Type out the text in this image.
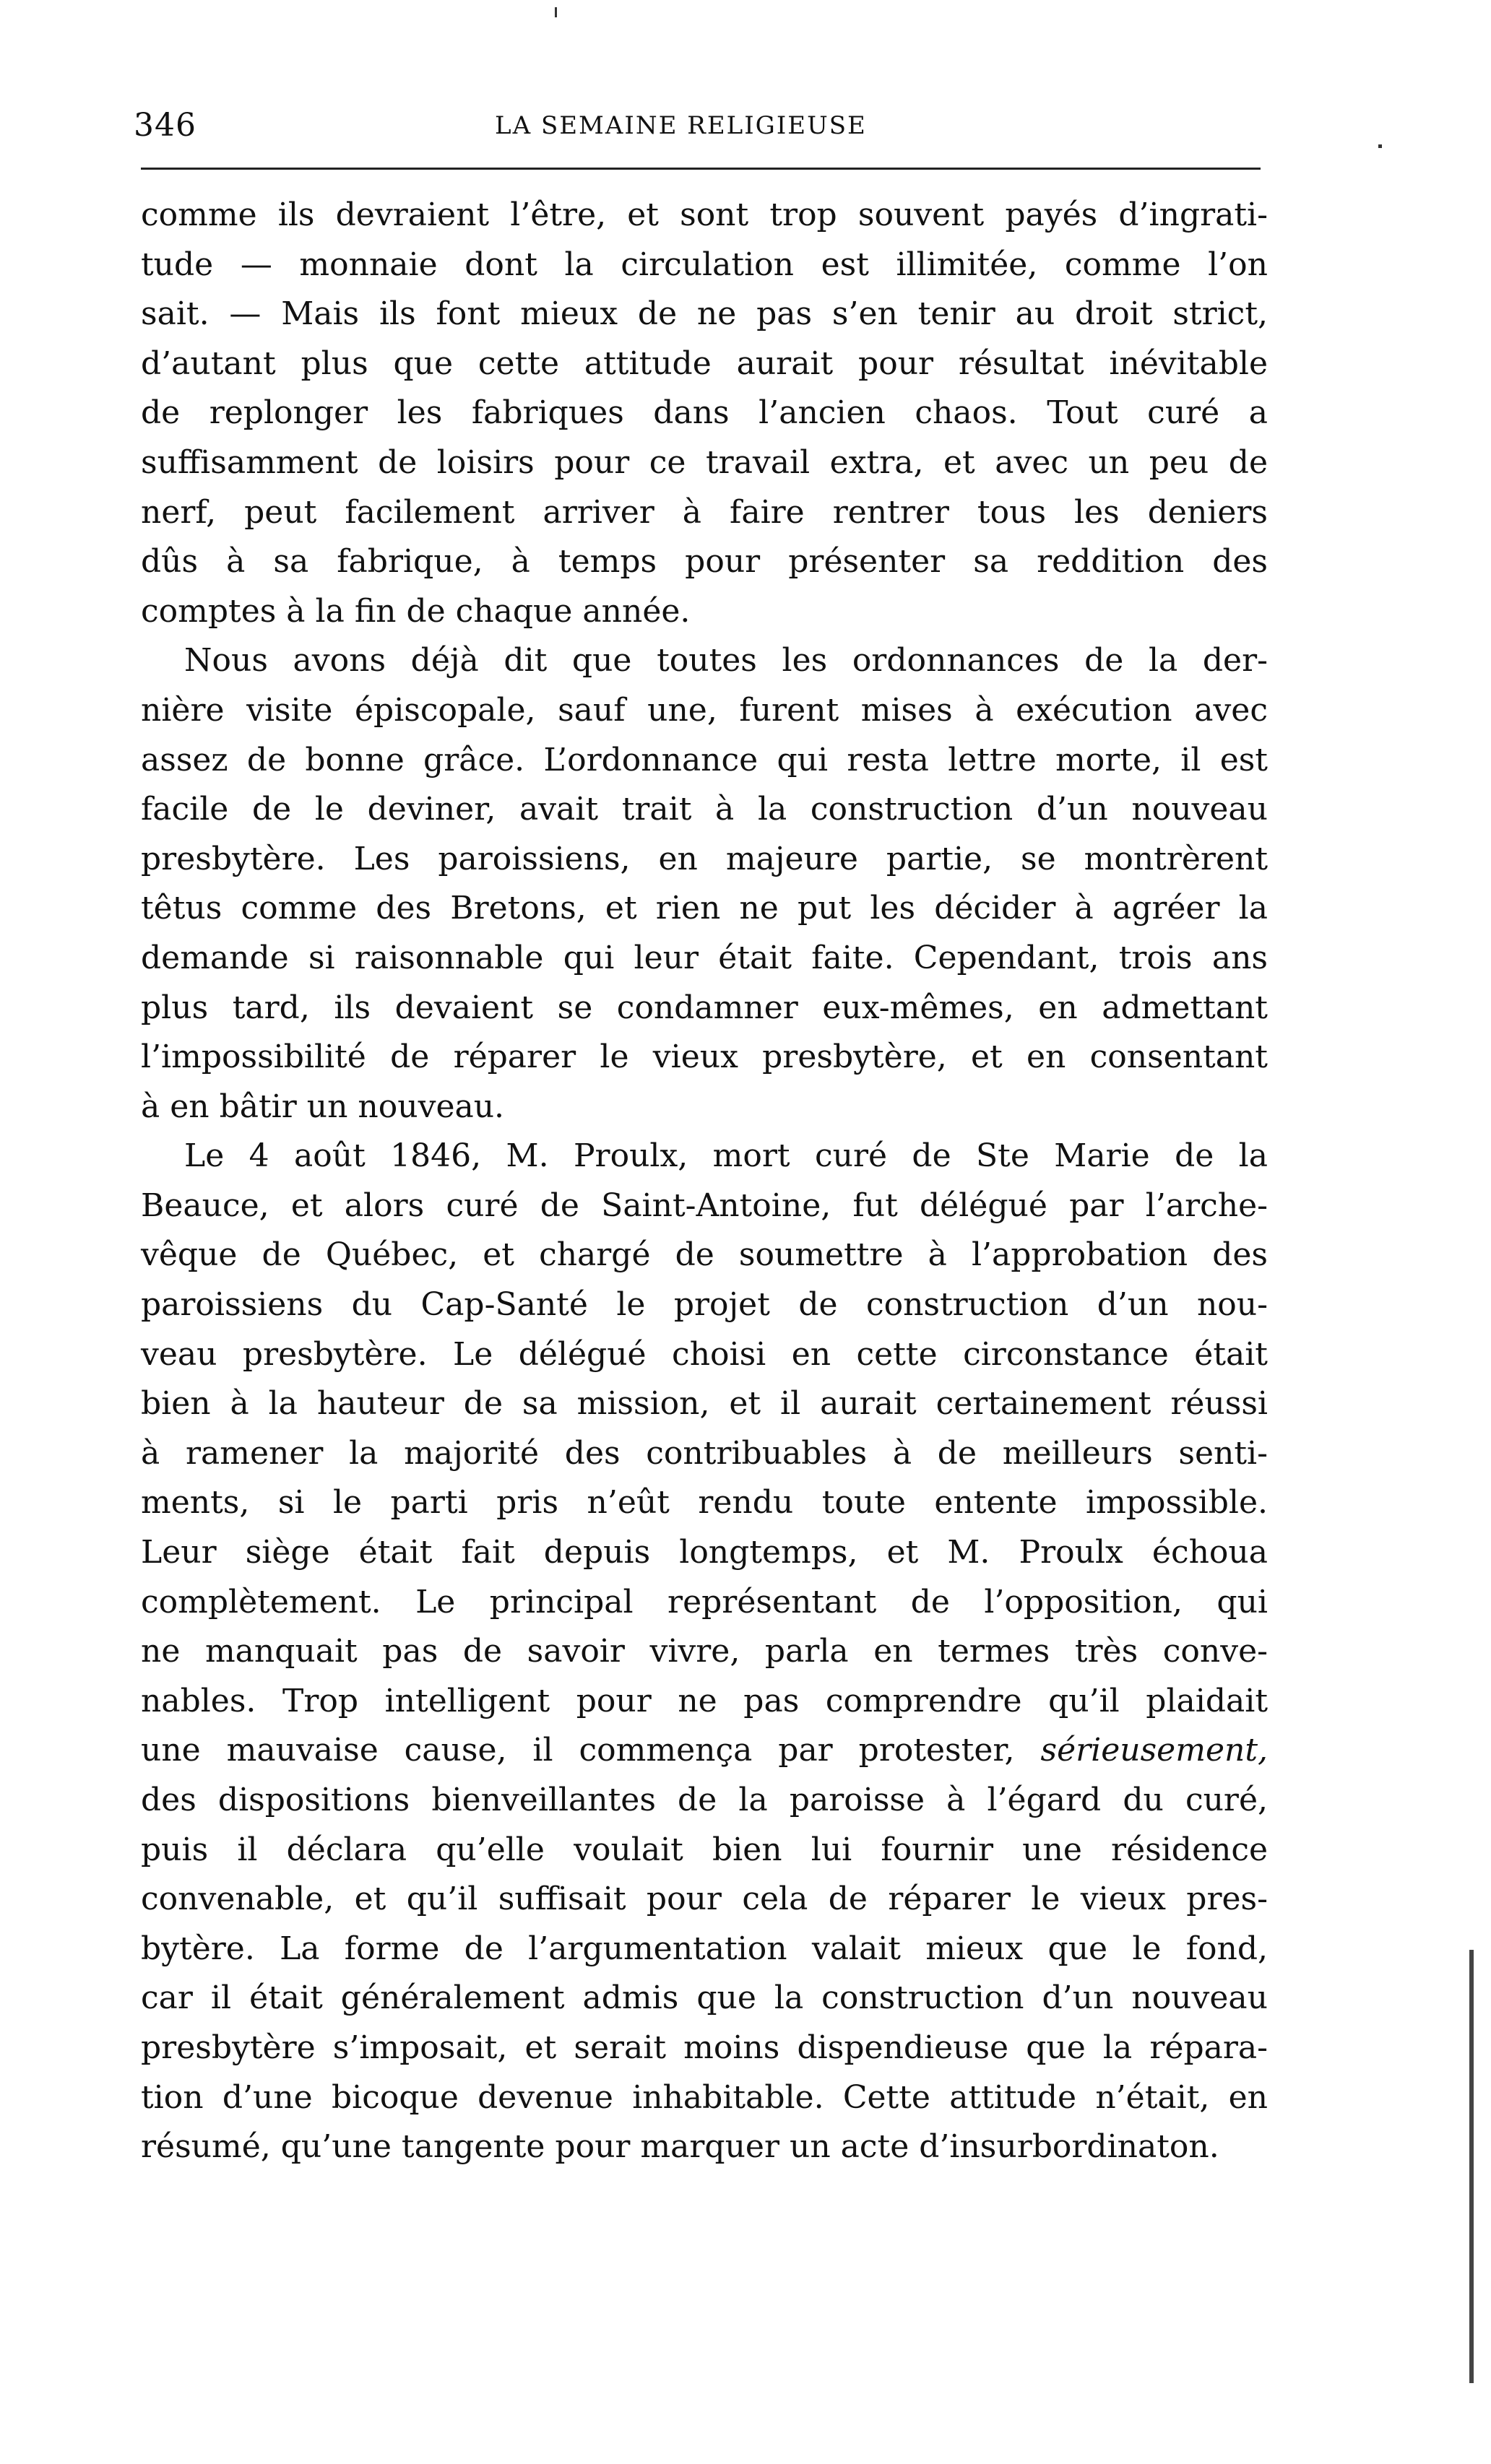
346	LA SEMAINE RELIGIEUSE
comme ils devraient l’être, et sont trop souvent payés d’ingrati-
tude — monnaie dont la circulation est illimitée, comme l’on
sait. — Mais ils font mieux de ne pas s’en tenir au droit strict,
d’autant plus que cette attitude aurait pour résultat inévitable
de replonger les fabriques dans l’ancien chaos. Tout curé a
suffisamment de loisirs pour ce travail extra, et avec un peu de
nerf, peut facilement arriver à faire rentrer tous les deniers
dûs à sa fabrique, à temps pour présenter sa reddition des
comptes à la fin de chaque année.
Nous avons déjà dit que toutes les ordonnances de la der-
nière visite épiscopale, sauf une, furent mises à exécution avec
assez de bonne grâce. L’ordonnance qui resta lettre morte, il est
facile de le deviner, avait trait à la construction d’un nouveau
presbytère. Les paroissiens, en majeure partie, se montrèrent
têtus comme des Bretons, et rien ne put les décider à agréer la
demande si raisonnable qui leur était faite. Cependant, trois ans
plus tard, ils devaient se condamner eux-mêmes, en admettant
l’impossibilité de réparer le vieux presbytère, et en consentant
à en bâtir un nouveau.
Le 4 août 1846, M. Proulx, mort curé de Ste Marie de la
Beauce, et alors curé de Saint-Antoine, fut délégué par l’arche-
vêque de Québec, et chargé de soumettre à l’approbation des
paroissiens du Cap-Santé le projet de construction d’un nou-
veau presbytère. Le délégué choisi en cette circonstance était
bien à la hauteur de sa mission, et il aurait certainement réussi
à ramener la majorité des contribuables à de meilleurs senti-
ments, si le parti pris n’eût rendu toute entente impossible.
Leur siège était fait depuis longtemps, et M. Proulx échoua
complètement. Le principal représentant de l’opposition, qui
ne manquait pas de savoir vivre, parla en termes très conve-
nables. Trop intelligent pour ne pas comprendre qu’il plaidait
une mauvaise cause, il commença par protester, sérieusement,
des dispositions bienveillantes de la paroisse à l’égard du curé,
puis il déclara qu’elle voulait bien lui fournir une résidence
convenable, et qu’il suffisait pour cela de réparer le vieux pres-
bytère. La forme de l’argumentation valait mieux que le fond,
car il était généralement admis que la construction d’un nouveau
presbytère s’imposait, et serait moins dispendieuse que la répara-
tion d’une bicoque devenue inhabitable. Cette attitude n’était, en
résumé, qu’une tangente pour marquer un acte d’insurbordinaton.
